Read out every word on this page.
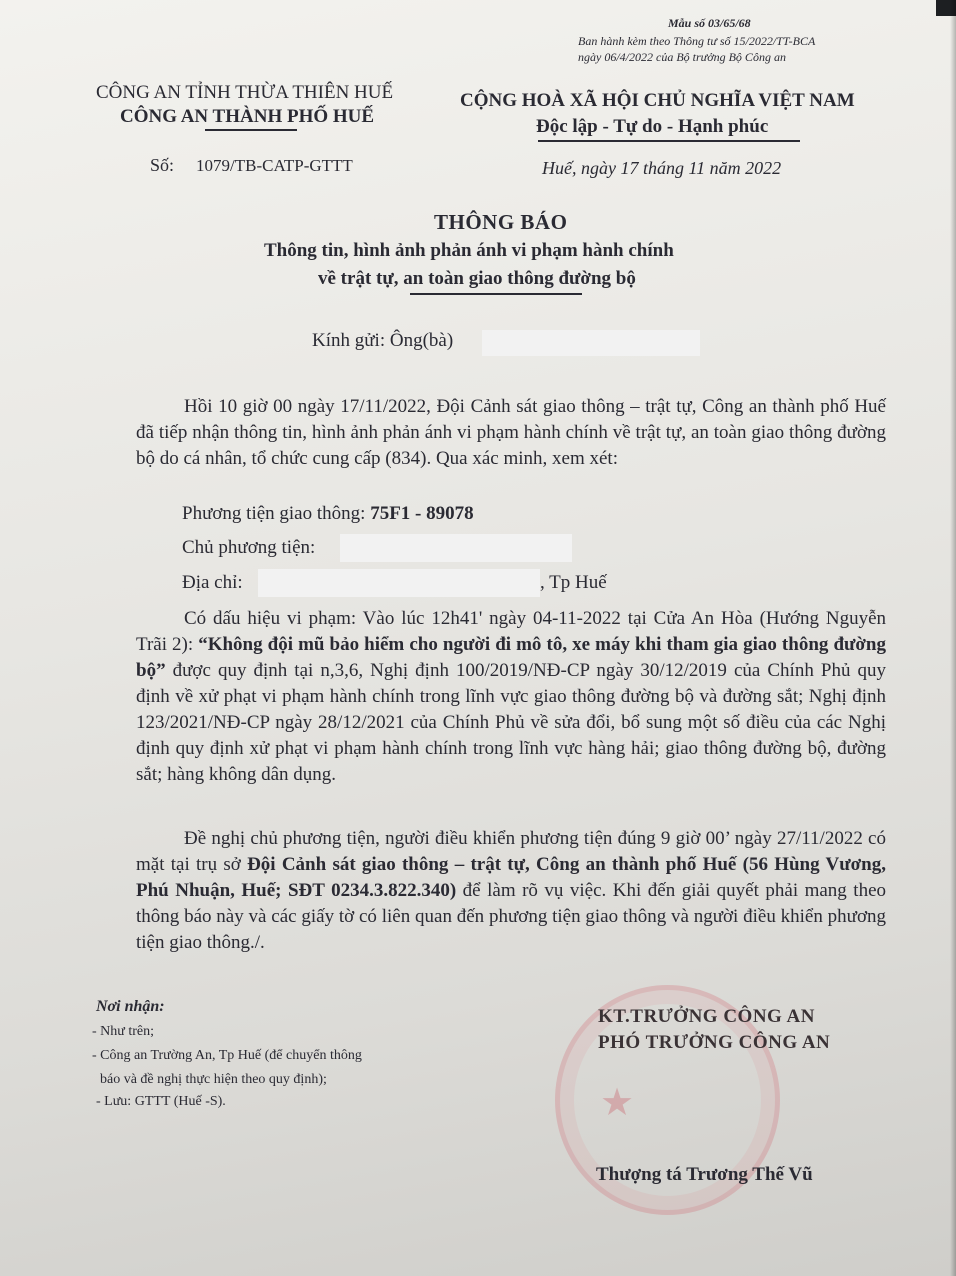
Mẫu số 03/65/68
Ban hành kèm theo Thông tư số 15/2022/TT-BCA
ngày 06/4/2022 của Bộ trưởng Bộ Công an
CÔNG AN TỈNH THỪA THIÊN HUẾ
CÔNG AN THÀNH PHỐ HUẾ
CỘNG HOÀ XÃ HỘI CHỦ NGHĨA VIỆT NAM
Độc lập - Tự do - Hạnh phúc
Số: 1079/TB-CATP-GTTT	Huế, ngày 17 tháng 11 năm 2022
THÔNG BÁO
Thông tin, hình ảnh phản ánh vi phạm hành chính
về trật tự, an toàn giao thông đường bộ
Kính gửi: Ông(bà)

Hồi 10 giờ 00 ngày 17/11/2022, Đội Cảnh sát giao thông – trật tự, Công an thành phố Huế đã tiếp nhận thông tin, hình ảnh phản ánh vi phạm hành chính về trật tự, an toàn giao thông đường bộ do cá nhân, tổ chức cung cấp (834). Qua xác minh, xem xét:

Phương tiện giao thông: 75F1 - 89078
Chủ phương tiện:
Địa chỉ:	, Tp Huế

Có dấu hiệu vi phạm: Vào lúc 12h41' ngày 04-11-2022 tại Cửa An Hòa (Hướng Nguyễn Trãi 2): “Không đội mũ bảo hiểm cho người đi mô tô, xe máy khi tham gia giao thông đường bộ” được quy định tại n,3,6, Nghị định 100/2019/NĐ-CP ngày 30/12/2019 của Chính Phủ quy định về xử phạt vi phạm hành chính trong lĩnh vực giao thông đường bộ và đường sắt; Nghị định 123/2021/NĐ-CP ngày 28/12/2021 của Chính Phủ về sửa đổi, bổ sung một số điều của các Nghị định quy định xử phạt vi phạm hành chính trong lĩnh vực hàng hải; giao thông đường bộ, đường sắt; hàng không dân dụng.

Đề nghị chủ phương tiện, người điều khiển phương tiện đúng 9 giờ 00’ ngày 27/11/2022 có mặt tại trụ sở Đội Cảnh sát giao thông – trật tự, Công an thành phố Huế (56 Hùng Vương, Phú Nhuận, Huế; SĐT 0234.3.822.340) để làm rõ vụ việc. Khi đến giải quyết phải mang theo thông báo này và các giấy tờ có liên quan đến phương tiện giao thông và người điều khiển phương tiện giao thông./.

Nơi nhận:
- Như trên;
- Công an Trường An, Tp Huế (để chuyển thông
báo và đề nghị thực hiện theo quy định);
- Lưu: GTTT (Huế -S).	★
KT.TRƯỞNG CÔNG AN
PHÓ TRƯỞNG CÔNG AN
Thượng tá Trương Thế Vũ
